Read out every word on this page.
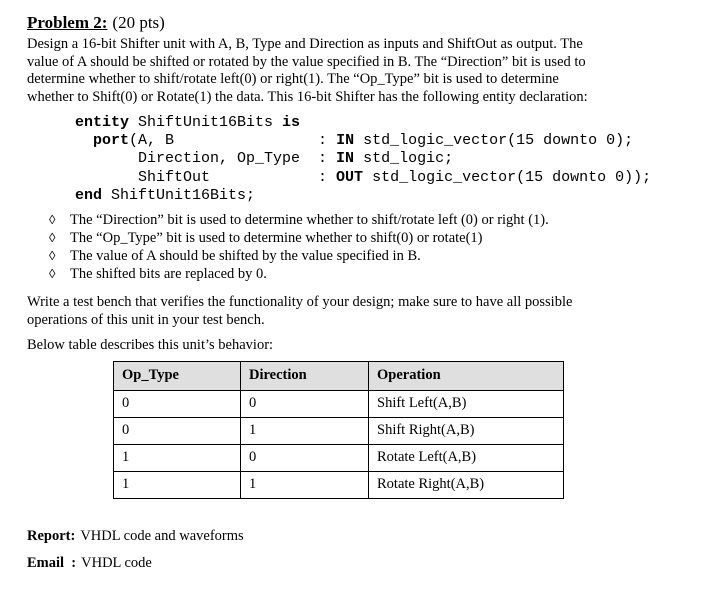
Problem 2: (20 pts)
Design a 16-bit Shifter unit with A, B, Type and Direction as inputs and ShiftOut as output. The
value of A should be shifted or rotated by the value specified in B. The “Direction” bit is used to
determine whether to shift/rotate left(0) or right(1). The “Op_Type” bit is used to determine
whether to Shift(0) or Rotate(1) the data. This 16-bit Shifter has the following entity declaration:
entity ShiftUnit16Bits is
port(A, B                : IN std_logic_vector(15 downto 0);
Direction, Op_Type  : IN std_logic;
ShiftOut            : OUT std_logic_vector(15 downto 0));
end ShiftUnit16Bits;
◊	The “Direction” bit is used to determine whether to shift/rotate left (0) or right (1).
◊	The “Op_Type” bit is used to determine whether to shift(0) or rotate(1)
◊	The value of A should be shifted by the value specified in B.
◊	The shifted bits are replaced by 0.
Write a test bench that verifies the functionality of your design; make sure to have all possible
operations of this unit in your test bench.
Below table describes this unit’s behavior:
Op_Type	Direction	Operation
0	0	Shift Left(A,B)
0	1	Shift Right(A,B)
1	0	Rotate Left(A,B)
1	1	Rotate Right(A,B)
Report: VHDL code and waveforms
Email  : VHDL code
